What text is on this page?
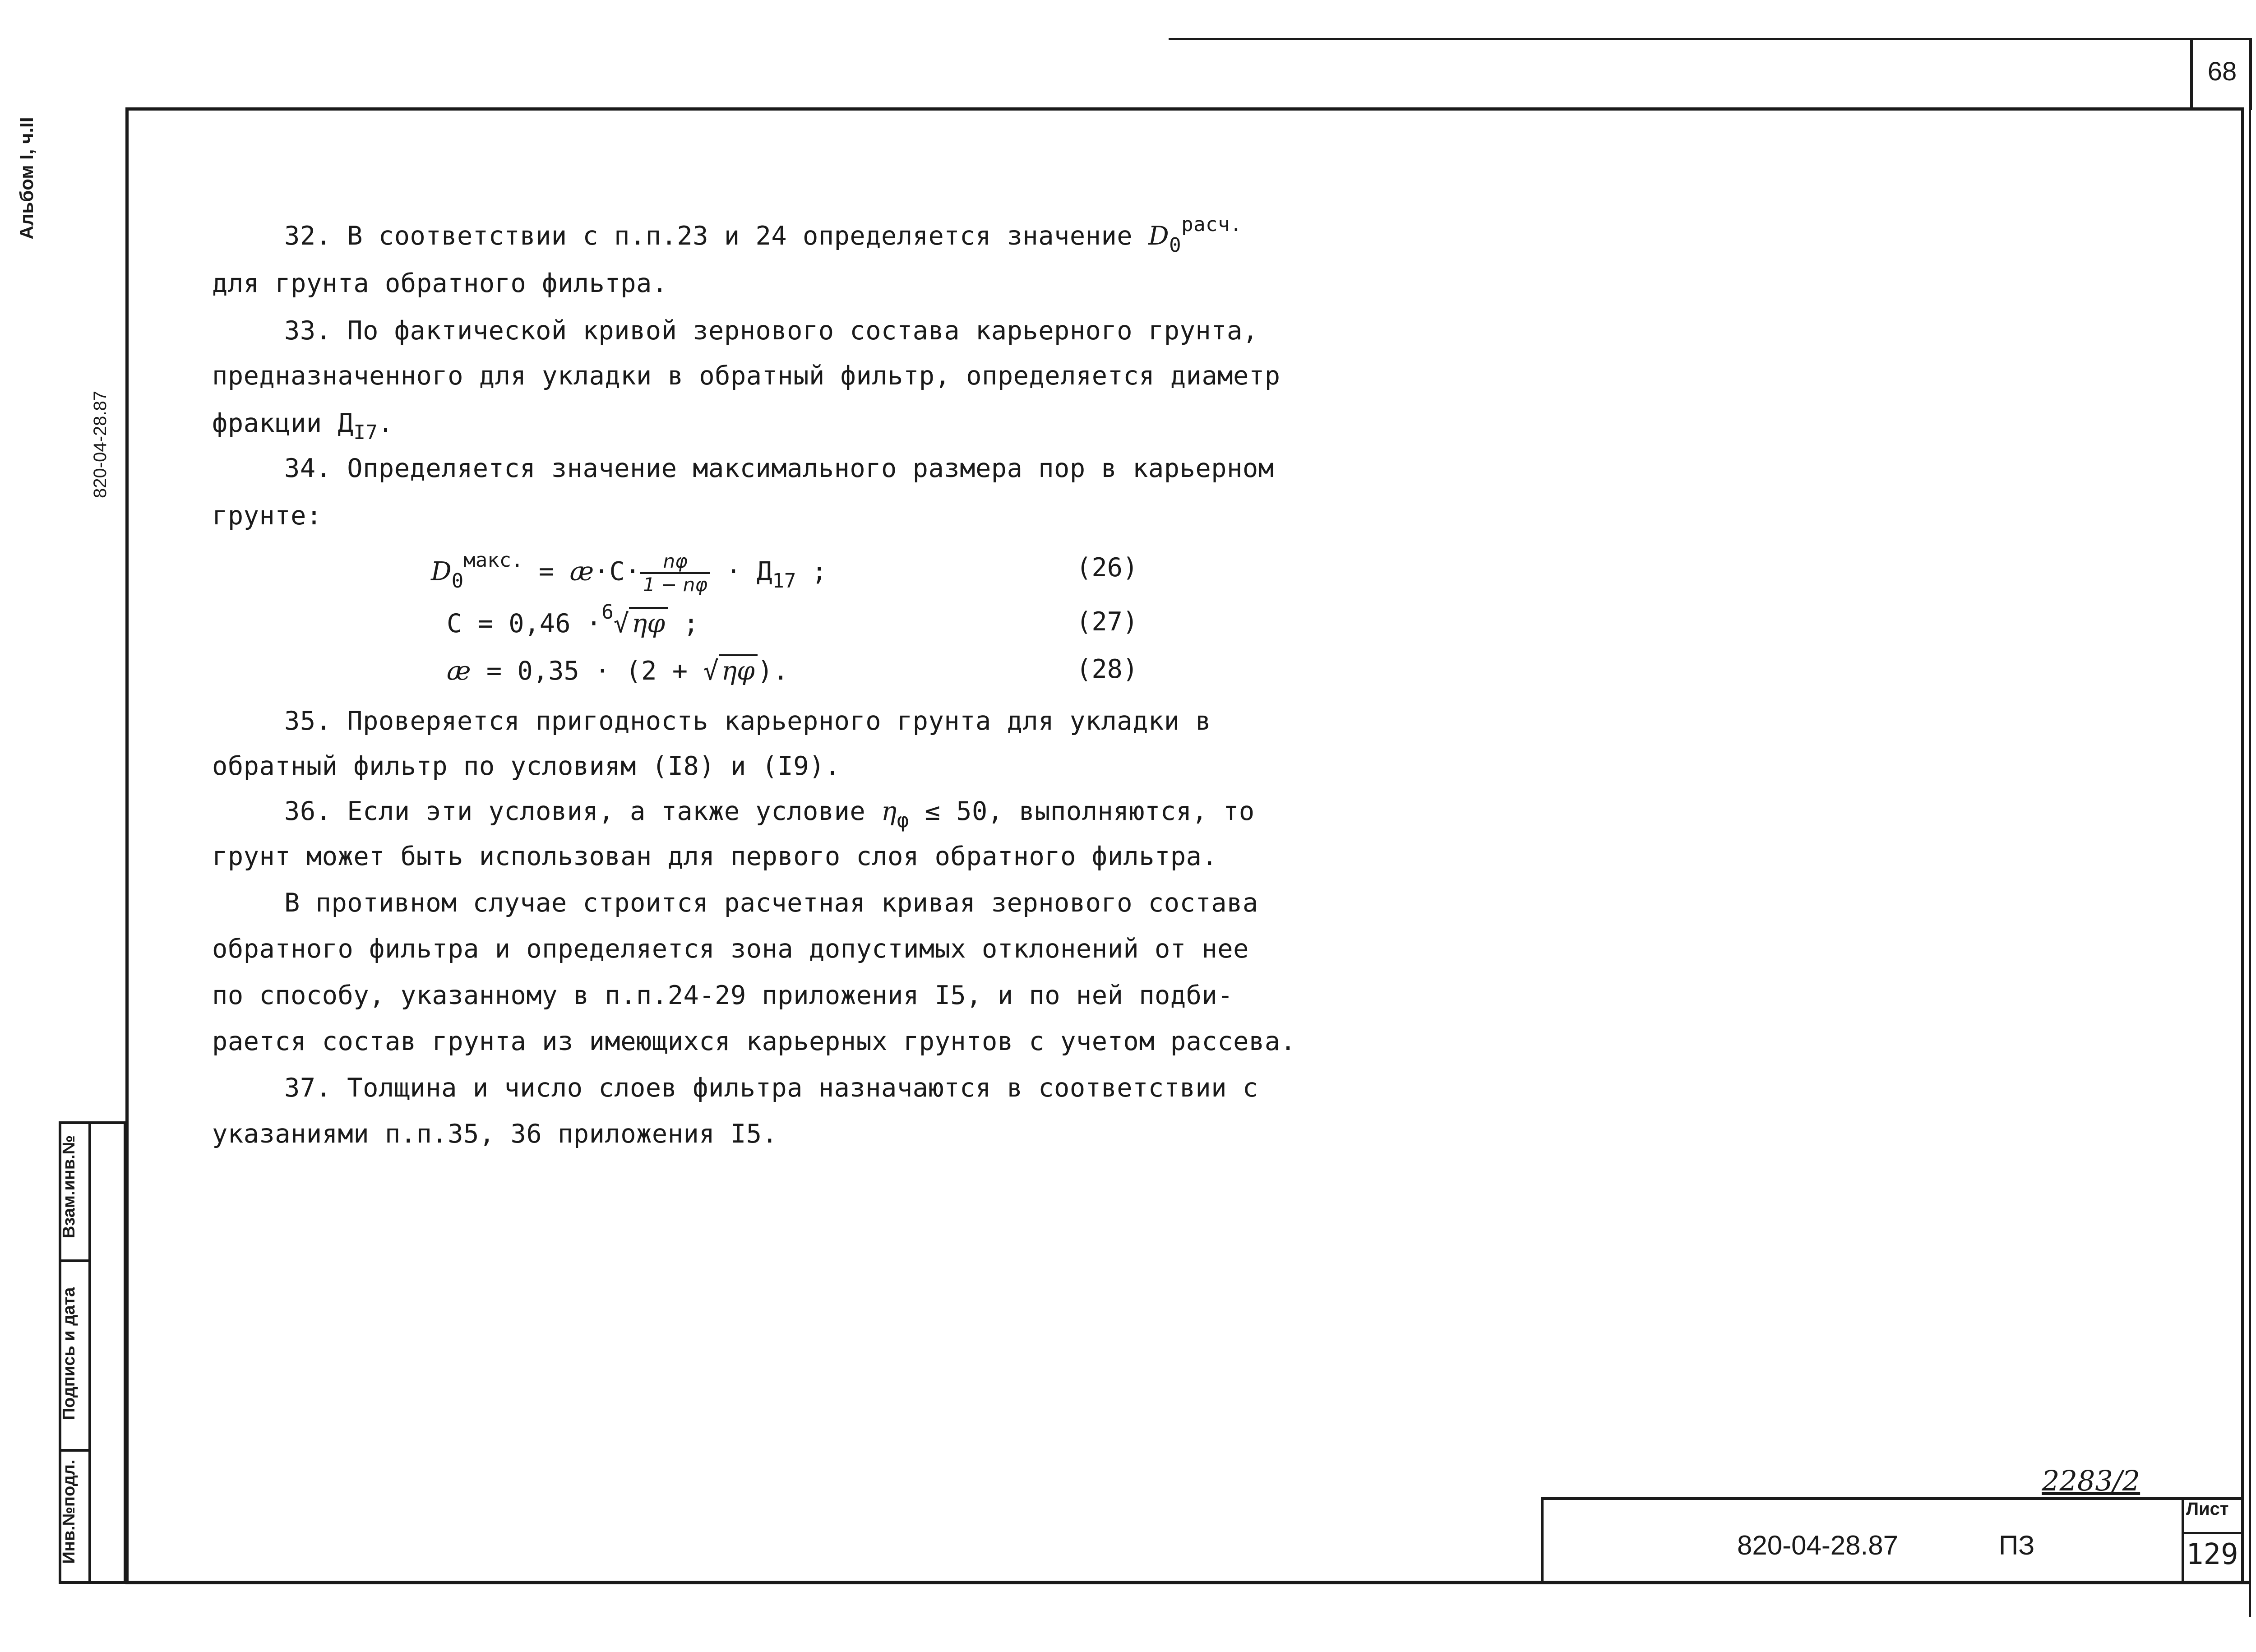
68
Альбом I, ч.II
820-04-28.87
Взам.инв.№
Подпись и дата
Инв.№подл.
32. В соответствии с п.п.23 и 24 определяется значение $D_0^{расч.}$
для грунта обратного фильтра.
33. По фактической кривой зернового состава карьерного грунта,
предназначенного для укладки в обратный фильтр, определяется диаметр
фракции $Д_{I7}$.
34. Определяется значение максимального размера пор в карьерном
грунте:
$D_0^{макс.}$ = æ·C· $\frac{n\varphi}{1 - n\varphi} \cdot Д_{17}$ ;	(26)
C = 0,46 ·$^6$√ ηφ ;	(27)
æ = 0,35 · (2 + √ ηφ ).	(28)
35. Проверяется пригодность карьерного грунта для укладки в
обратный фильтр по условиям (I8) и (I9).
36. Если эти условия, а также условие $\eta_\varphi \le 50$, выполняются, то
грунт может быть использован для первого слоя обратного фильтра.
В противном случае строится расчетная кривая зернового состава
обратного фильтра и определяется зона допустимых отклонений от нее
по способу, указанному в п.п.24-29 приложения I5, и по ней подби-
рается состав грунта из имеющихся карьерных грунтов с учетом рассева.
37. Толщина и число слоев фильтра назначаются в соответствии с
указаниями п.п.35, 36 приложения I5.
2283/2
820-04-28.87	ПЗ
Лист
129
